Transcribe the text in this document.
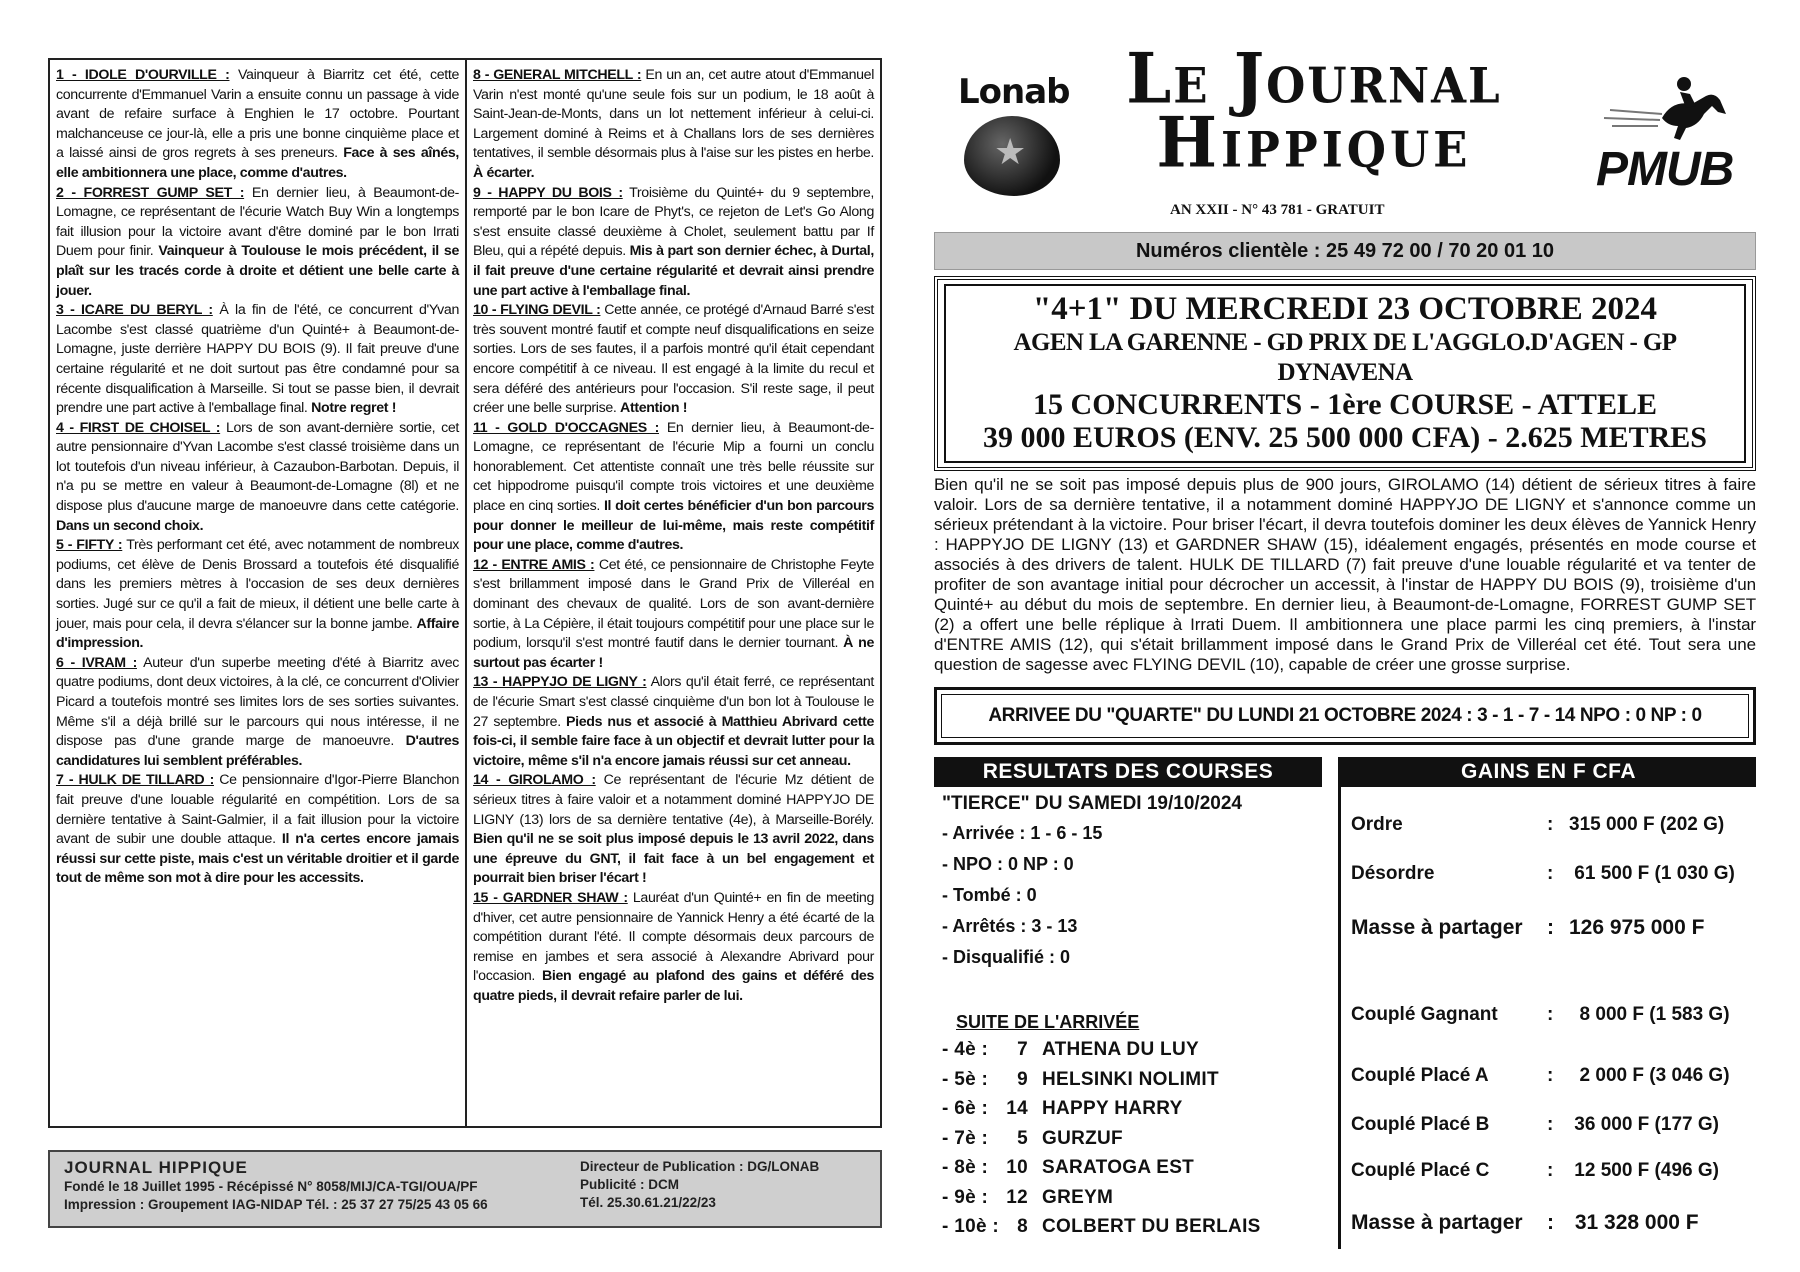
1 - IDOLE D'OURVILLE : Vainqueur à Biarritz cet été, cette concurrente d'Emmanuel Varin a ensuite connu un passage à vide avant de refaire surface à Enghien le 17 octobre. Pourtant malchanceuse ce jour-là, elle a pris une bonne cinquième place et a laissé ainsi de gros regrets à ses preneurs. Face à ses aînés, elle ambitionnera une place, comme d'autres.

2 - FORREST GUMP SET : En dernier lieu, à Beaumont-de-Lomagne, ce représentant de l'écurie Watch Buy Win a longtemps fait illusion pour la victoire avant d'être dominé par le bon Irrati Duem pour finir. Vainqueur à Toulouse le mois précédent, il se plaît sur les tracés corde à droite et détient une belle carte à jouer.

3 - ICARE DU BERYL : À la fin de l'été, ce concurrent d'Yvan Lacombe s'est classé quatrième d'un Quinté+ à Beaumont-de-Lomagne, juste derrière HAPPY DU BOIS (9). Il fait preuve d'une certaine régularité et ne doit surtout pas être condamné pour sa récente disqualification à Marseille. Si tout se passe bien, il devrait prendre une part active à l'emballage final. Notre regret !

4 - FIRST DE CHOISEL : Lors de son avant-dernière sortie, cet autre pensionnaire d'Yvan Lacombe s'est classé troisième dans un lot toutefois d'un niveau inférieur, à Cazaubon-Barbotan. Depuis, il n'a pu se mettre en valeur à Beaumont-de-Lomagne (8l) et ne dispose plus d'aucune marge de manoeuvre dans cette catégorie. Dans un second choix.

5 - FIFTY : Très performant cet été, avec notamment de nombreux podiums, cet élève de Denis Brossard a toutefois été disqualifié dans les premiers mètres à l'occasion de ses deux dernières sorties. Jugé sur ce qu'il a fait de mieux, il détient une belle carte à jouer, mais pour cela, il devra s'élancer sur la bonne jambe. Affaire d'impression.

6 - IVRAM : Auteur d'un superbe meeting d'été à Biarritz avec quatre podiums, dont deux victoires, à la clé, ce concurrent d'Olivier Picard a toutefois montré ses limites lors de ses sorties suivantes. Même s'il a déjà brillé sur le parcours qui nous intéresse, il ne dispose pas d'une grande marge de manoeuvre. D'autres candidatures lui semblent préférables.

7 - HULK DE TILLARD : Ce pensionnaire d'Igor-Pierre Blanchon fait preuve d'une louable régularité en compétition. Lors de sa dernière tentative à Saint-Galmier, il a fait illusion pour la victoire avant de subir une double attaque. Il n'a certes encore jamais réussi sur cette piste, mais c'est un véritable droitier et il garde tout de même son mot à dire pour les accessits.

8 - GENERAL MITCHELL : En un an, cet autre atout d'Emmanuel Varin n'est monté qu'une seule fois sur un podium, le 18 août à Saint-Jean-de-Monts, dans un lot nettement inférieur à celui-ci. Largement dominé à Reims et à Challans lors de ses dernières tentatives, il semble désormais plus à l'aise sur les pistes en herbe. À écarter.

9 - HAPPY DU BOIS : Troisième du Quinté+ du 9 septembre, remporté par le bon Icare de Phyt's, ce rejeton de Let's Go Along s'est ensuite classé deuxième à Cholet, seulement battu par If Bleu, qui a répété depuis. Mis à part son dernier échec, à Durtal, il fait preuve d'une certaine régularité et devrait ainsi prendre une part active à l'emballage final.

10 - FLYING DEVIL : Cette année, ce protégé d'Arnaud Barré s'est très souvent montré fautif et compte neuf disqualifications en seize sorties. Lors de ses fautes, il a parfois montré qu'il était cependant encore compétitif à ce niveau. Il est engagé à la limite du recul et sera déféré des antérieurs pour l'occasion. S'il reste sage, il peut créer une belle surprise. Attention !

11 - GOLD D'OCCAGNES : En dernier lieu, à Beaumont-de-Lomagne, ce représentant de l'écurie Mip a fourni un conclu honorablement. Cet attentiste connaît une très belle réussite sur cet hippodrome puisqu'il compte trois victoires et une deuxième place en cinq sorties. Il doit certes bénéficier d'un bon parcours pour donner le meilleur de lui-même, mais reste compétitif pour une place, comme d'autres.

12 - ENTRE AMIS : Cet été, ce pensionnaire de Christophe Feyte s'est brillamment imposé dans le Grand Prix de Villeréal en dominant des chevaux de qualité. Lors de son avant-dernière sortie, à La Cépière, il était toujours compétitif pour une place sur le podium, lorsqu'il s'est montré fautif dans le dernier tournant. À ne surtout pas écarter !

13 - HAPPYJO DE LIGNY : Alors qu'il était ferré, ce représentant de l'écurie Smart s'est classé cinquième d'un bon lot à Toulouse le 27 septembre. Pieds nus et associé à Matthieu Abrivard cette fois-ci, il semble faire face à un objectif et devrait lutter pour la victoire, même s'il n'a encore jamais réussi sur cet anneau.

14 - GIROLAMO : Ce représentant de l'écurie Mz détient de sérieux titres à faire valoir et a notamment dominé HAPPYJO DE LIGNY (13) lors de sa dernière tentative (4e), à Marseille-Borély. Bien qu'il ne se soit plus imposé depuis le 13 avril 2022, dans une épreuve du GNT, il fait face à un bel engagement et pourrait bien briser l'écart !

15 - GARDNER SHAW : Lauréat d'un Quinté+ en fin de meeting d'hiver, cet autre pensionnaire de Yannick Henry a été écarté de la compétition durant l'été. Il compte désormais deux parcours de remise en jambes et sera associé à Alexandre Abrivard pour l'occasion. Bien engagé au plafond des gains et déféré des quatre pieds, il devrait refaire parler de lui.

JOURNAL HIPPIQUE
Fondé le 18 Juillet 1995 - Récépissé N° 8058/MIJ/CA-TGI/OUA/PF
Impression : Groupement IAG-NIDAP Tél. : 25 37 27 75/25 43 05 66
Directeur de Publication : DG/LONAB
Publicité : DCM
Tél. 25.30.61.21/22/23
Lonab
★
Le Journal
Hippique
AN XXII - N° 43 781 - GRATUIT
PMUB
Numéros clientèle : 25 49 72 00 / 70 20 01 10
"4+1" DU MERCREDI 23 OCTOBRE 2024
AGEN LA GARENNE - GD PRIX DE L'AGGLO.D'AGEN - GP DYNAVENA
15 CONCURRENTS - 1ère COURSE - ATTELE
39 000 EUROS (ENV. 25 500 000 CFA) - 2.625 METRES
Bien qu'il ne se soit pas imposé depuis plus de 900 jours, GIROLAMO (14) détient de sérieux titres à faire valoir. Lors de sa dernière tentative, il a notamment dominé HAPPYJO DE LIGNY et s'annonce comme un sérieux prétendant à la victoire. Pour briser l'écart, il devra toutefois dominer les deux élèves de Yannick Henry : HAPPYJO DE LIGNY (13) et GARDNER SHAW (15), idéalement engagés, présentés en mode course et associés à des drivers de talent. HULK DE TILLARD (7) fait preuve d'une louable régularité et va tenter de profiter de son avantage initial pour décrocher un accessit, à l'instar de HAPPY DU BOIS (9), troisième d'un Quinté+ au début du mois de septembre. En dernier lieu, à Beaumont-de-Lomagne, FORREST GUMP SET (2) a offert une belle réplique à Irrati Duem. Il ambitionnera une place parmi les cinq premiers, à l'instar d'ENTRE AMIS (12), qui s'était brillamment imposé dans le Grand Prix de Villeréal cet été. Tout sera une question de sagesse avec FLYING DEVIL (10), capable de créer une grosse surprise.
ARRIVEE DU "QUARTE" DU LUNDI 21 OCTOBRE 2024 : 3 - 1 - 7 - 14 NPO : 0 NP : 0
RESULTATS DES COURSES
"TIERCE" DU SAMEDI 19/10/2024
- Arrivée : 1 - 6 - 15
- NPO : 0 NP : 0
- Tombé : 0
- Arrêtés : 3 - 13
- Disqualifié : 0
SUITE DE L'ARRIVÉE
- 4è :	7 ATHENA DU LUY
- 5è :	9 HELSINKI NOLIMIT
- 6è : 14 HAPPY HARRY
- 7è :	5 GURZUF
- 8è : 10 SARATOGA EST
- 9è : 12 GREYM
- 10è : 8 COLBERT DU BERLAIS
GAINS EN F CFA
Ordre	: 315 000 F (202 G)
Désordre	: 61 500 F (1 030 G)
Masse à partager	: 126 975 000 F
Couplé Gagnant	: 8 000 F (1 583 G)
Couplé Placé A	: 2 000 F (3 046 G)
Couplé Placé B	: 36 000 F (177 G)
Couplé Placé C	: 12 500 F (496 G)
Masse à partager	: 31 328 000 F
